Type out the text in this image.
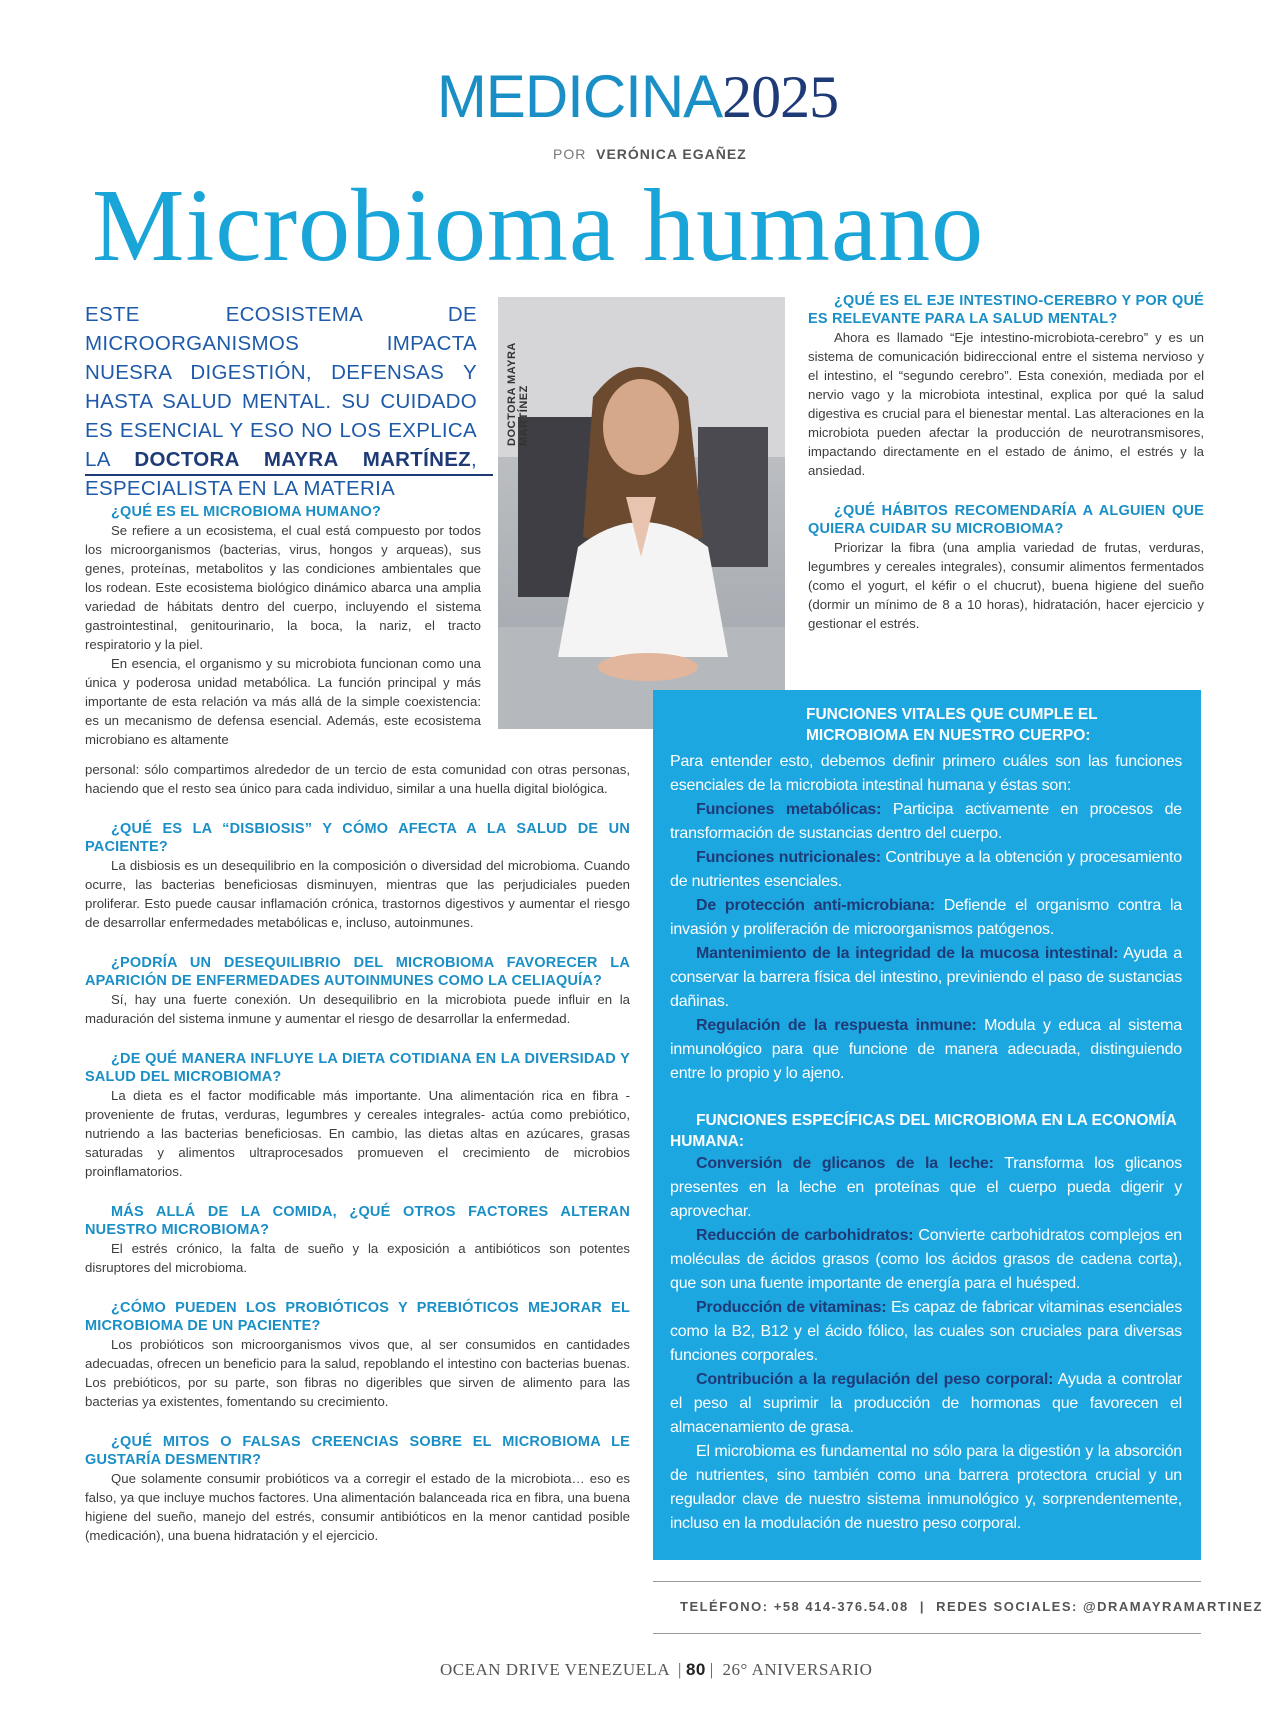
MEDICINA2025
POR VERÓNICA EGAÑEZ
Microbioma humano
ESTE ECOSISTEMA DE MICROORGANISMOS IMPACTA NUESRA DIGESTIÓN, DEFENSAS Y HASTA SALUD MENTAL. SU CUIDADO ES ESENCIAL Y ESO NO LOS EXPLICA LA DOCTORA MAYRA MARTÍNEZ, ESPECIALISTA EN LA MATERIA
DOCTORA MAYRA MARTÍNEZ
¿QUÉ ES EL MICROBIOMA HUMANO?
Se refiere a un ecosistema, el cual está compuesto por todos los microorganismos (bacterias, virus, hongos y arqueas), sus genes, proteínas, metabolitos y las condiciones ambientales que los rodean. Este ecosistema biológico dinámico abarca una amplia variedad de hábitats dentro del cuerpo, incluyendo el sistema gastrointestinal, genitourinario, la boca, la nariz, el tracto respiratorio y la piel.
En esencia, el organismo y su microbiota funcionan como una única y poderosa unidad metabólica. La función principal y más importante de esta relación va más allá de la simple coexistencia: es un mecanismo de defensa esencial. Además, este ecosistema microbiano es altamente
personal: sólo compartimos alrededor de un tercio de esta comunidad con otras personas, haciendo que el resto sea único para cada individuo, similar a una huella digital biológica.
¿QUÉ ES LA “DISBIOSIS” Y CÓMO AFECTA A LA SALUD DE UN PACIENTE?
La disbiosis es un desequilibrio en la composición o diversidad del microbioma. Cuando ocurre, las bacterias beneficiosas disminuyen, mientras que las perjudiciales pueden proliferar. Esto puede causar inflamación crónica, trastornos digestivos y aumentar el riesgo de desarrollar enfermedades metabólicas e, incluso, autoinmunes.
¿PODRÍA UN DESEQUILIBRIO DEL MICROBIOMA FAVORECER LA APARICIÓN DE ENFERMEDADES AUTOINMUNES COMO LA CELIAQUÍA?
Sí, hay una fuerte conexión. Un desequilibrio en la microbiota puede influir en la maduración del sistema inmune y aumentar el riesgo de desarrollar la enfermedad.
¿DE QUÉ MANERA INFLUYE LA DIETA COTIDIANA EN LA DIVERSIDAD Y SALUD DEL MICROBIOMA?
La dieta es el factor modificable más importante. Una alimentación rica en fibra -proveniente de frutas, verduras, legumbres y cereales integrales- actúa como prebiótico, nutriendo a las bacterias beneficiosas. En cambio, las dietas altas en azúcares, grasas saturadas y alimentos ultraprocesados promueven el crecimiento de microbios proinflamatorios.
MÁS ALLÁ DE LA COMIDA, ¿QUÉ OTROS FACTORES ALTERAN NUESTRO MICROBIOMA?
El estrés crónico, la falta de sueño y la exposición a antibióticos son potentes disruptores del microbioma.
¿CÓMO PUEDEN LOS PROBIÓTICOS Y PREBIÓTICOS MEJORAR EL MICROBIOMA DE UN PACIENTE?
Los probióticos son microorganismos vivos que, al ser consumidos en cantidades adecuadas, ofrecen un beneficio para la salud, repoblando el intestino con bacterias buenas. Los prebióticos, por su parte, son fibras no digeribles que sirven de alimento para las bacterias ya existentes, fomentando su crecimiento.
¿QUÉ MITOS O FALSAS CREENCIAS SOBRE EL MICROBIOMA LE GUSTARÍA DESMENTIR?
Que solamente consumir probióticos va a corregir el estado de la microbiota… eso es falso, ya que incluye muchos factores. Una alimentación balanceada rica en fibra, una buena higiene del sueño, manejo del estrés, consumir antibióticos en la menor cantidad posible (medicación), una buena hidratación y el ejercicio.
¿QUÉ ES EL EJE INTESTINO-CEREBRO Y POR QUÉ ES RELEVANTE PARA LA SALUD MENTAL?
Ahora es llamado “Eje intestino-microbiota-cerebro” y es un sistema de comunicación bidireccional entre el sistema nervioso y el intestino, el “segundo cerebro”. Esta conexión, mediada por el nervio vago y la microbiota intestinal, explica por qué la salud digestiva es crucial para el bienestar mental. Las alteraciones en la microbiota pueden afectar la producción de neurotransmisores, impactando directamente en el estado de ánimo, el estrés y la ansiedad.
¿QUÉ HÁBITOS RECOMENDARÍA A ALGUIEN QUE QUIERA CUIDAR SU MICROBIOMA?
Priorizar la fibra (una amplia variedad de frutas, verduras, legumbres y cereales integrales), consumir alimentos fermentados (como el yogurt, el kéfir o el chucrut), buena higiene del sueño (dormir un mínimo de 8 a 10 horas), hidratación, hacer ejercicio y gestionar el estrés.
FUNCIONES VITALES QUE CUMPLE EL MICROBIOMA EN NUESTRO CUERPO:
Para entender esto, debemos definir primero cuáles son las funciones esenciales de la microbiota intestinal humana y éstas son:
Funciones metabólicas: Participa activamente en procesos de transformación de sustancias dentro del cuerpo.
Funciones nutricionales: Contribuye a la obtención y procesamiento de nutrientes esenciales.
De protección anti-microbiana: Defiende el organismo contra la invasión y proliferación de microorganismos patógenos.
Mantenimiento de la integridad de la mucosa intestinal: Ayuda a conservar la barrera física del intestino, previniendo el paso de sustancias dañinas.
Regulación de la respuesta inmune: Modula y educa al sistema inmunológico para que funcione de manera adecuada, distinguiendo entre lo propio y lo ajeno.
FUNCIONES ESPECÍFICAS DEL MICROBIOMA EN LA ECONOMÍA HUMANA:
Conversión de glicanos de la leche: Transforma los glicanos presentes en la leche en proteínas que el cuerpo pueda digerir y aprovechar.
Reducción de carbohidratos: Convierte carbohidratos complejos en moléculas de ácidos grasos (como los ácidos grasos de cadena corta), que son una fuente importante de energía para el huésped.
Producción de vitaminas: Es capaz de fabricar vitaminas esenciales como la B2, B12 y el ácido fólico, las cuales son cruciales para diversas funciones corporales.
Contribución a la regulación del peso corporal: Ayuda a controlar el peso al suprimir la producción de hormonas que favorecen el almacenamiento de grasa.
El microbioma es fundamental no sólo para la digestión y la absorción de nutrientes, sino también como una barrera protectora crucial y un regulador clave de nuestro sistema inmunológico y, sorprendentemente, incluso en la modulación de nuestro peso corporal.
TELÉFONO: +58 414-376.54.08 | REDES SOCIALES: @DRAMAYRAMARTINEZ
OCEAN DRIVE VENEZUELA | 80 | 26° ANIVERSARIO
